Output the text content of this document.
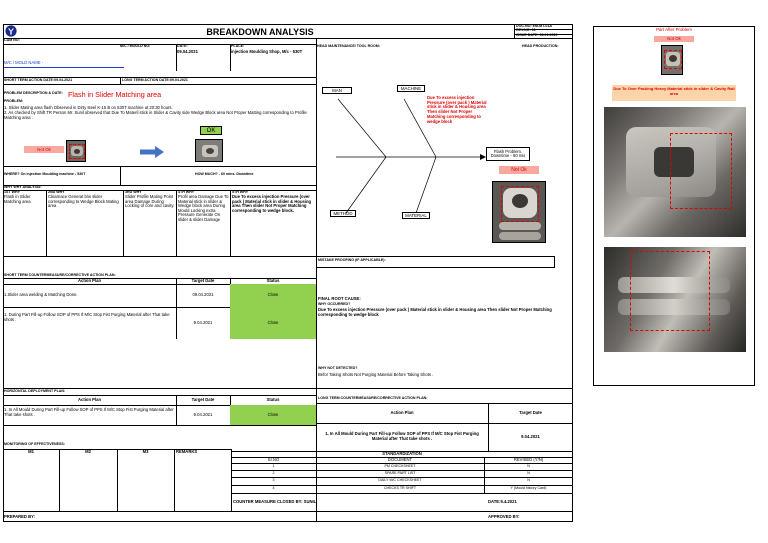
BREAKDOWN ANALYSIS
DOC.NO: EM-MT-01A
REV.NO: 00
ISSUE DATE: 03.01.2020
CAM NO:
M/C / MOULD NO:	DATE:
09.04.2021
PLACE:
injection Moulding Shop, M/c - 530T
HEAD MAINTENANCE/ TOOL ROOM:	HEAD PRODUCTION:
M/C / MOLD NAME -
SHORT TERM ACTION DATE:09.04.2021	LONG TERM ACTION DATE:09.04.2021
PROBLEM DESCRIPTION & DATE: Flash in Slider Matching area
PROBLEM:
1. Slider Mating area flash Observed in Dirty steel K-15 B on 530T machine at 20:30 hours.
2. As checked by Shift TR Person Mr. Sunil observed that Due To Materil stick in Slider & Cavity side Wedge Block area Not Proper Matting corresponding to Profile Matching area .
Not Ok
OK
WHERE? On injection Moulding machine - 530T	HOW MUCH? - 60 mins. Downtime
WHY WHY ANALYSIS:
1ST WHY
Flash in Slider Matching area
2ND WHY
Clearnace Generat b/w slider corresponding to Wedge Block Mating area
3RD WHY
Slider Profile Mating Point area Damage During Locking of core and cavity.
4TH WHY
Profil area Damage Due To Material stick in slider & Wedge block area During Mould Locking extra Pressure Generate On slider & slider Damage
5TH WHY
Due To excess injection Pressure (over pack ) Material stick in slider & Housing area Then slider Not Proper Matching corresponding to wedge block.
MAN	MACHINE
METHOD	MATERIAL
Due To excess injection Pressure (over pack ) Material stick in slider & Housing area Then slider Not Proper Matching corresponding to wedge block
Flash Problem. Downtime - 60 mis
Not Ok
MISTAKE PROOFING (IF APPLICABLE):
SHORT TERM COUNTERMEASURE/CORRECTIVE ACTION PLAN:
Action Plan	Target Date	Status
1.Slider area welding & Matching Done.	09.04.2021	Close
1. During Part Fill-up Follow SOP of PPS If M/C Stop Fist Purging Material after That take shots .
9.04.2021	Close
FINAL ROOT CAUSE:
WHY OCCURRED?
Due To excess injection Pressure (over pack ) Material stick in slider & Housing area Then slider Not Proper Matching corresponding to wedge block
WHY NOT DETECTED?
Befor Taking Shots Not Purging Material Before Taking Shots .
HORIZONTAL DEPLOYMENT PLAN:
Action Plan	Target Date	Status
1. In All Mould During Part Fill-up Follow SOP of PPS If M/C Stop Fist Purging Material after That take shots .	9.04.2021	Close
LONG TERM COUNTERMEASURE/CORRECTIVE ACTION PLAN:
Action Plan	Target Date
1. In All Mould During Part Fill-up Follow SOP of PPS If M/C Stop Fist Purging Material after That take shots .	9.04.2021
MONITORING OF EFFECTIVENESS:
M1	M2	M3	REMARKS	STANDARDIZATION
Sr.NO	DOCUMENT	REVISED (Y/N)
1	PM CHECKSHEET	N
2	SPARE PART LIST	N
3	DAILY M/C CHECKSHEET	N
4	CHECKS TR SHIFT	Y (Mould history Card)
COUNTER MEASURE CLOSED BY: SUNIL	DATE:9.4.2021
PREPARED BY:	APPROVED BY:
Part After Problem
Not Ok
Due To Over Packing Heavy Material stick in slider & Cavity Rail area
